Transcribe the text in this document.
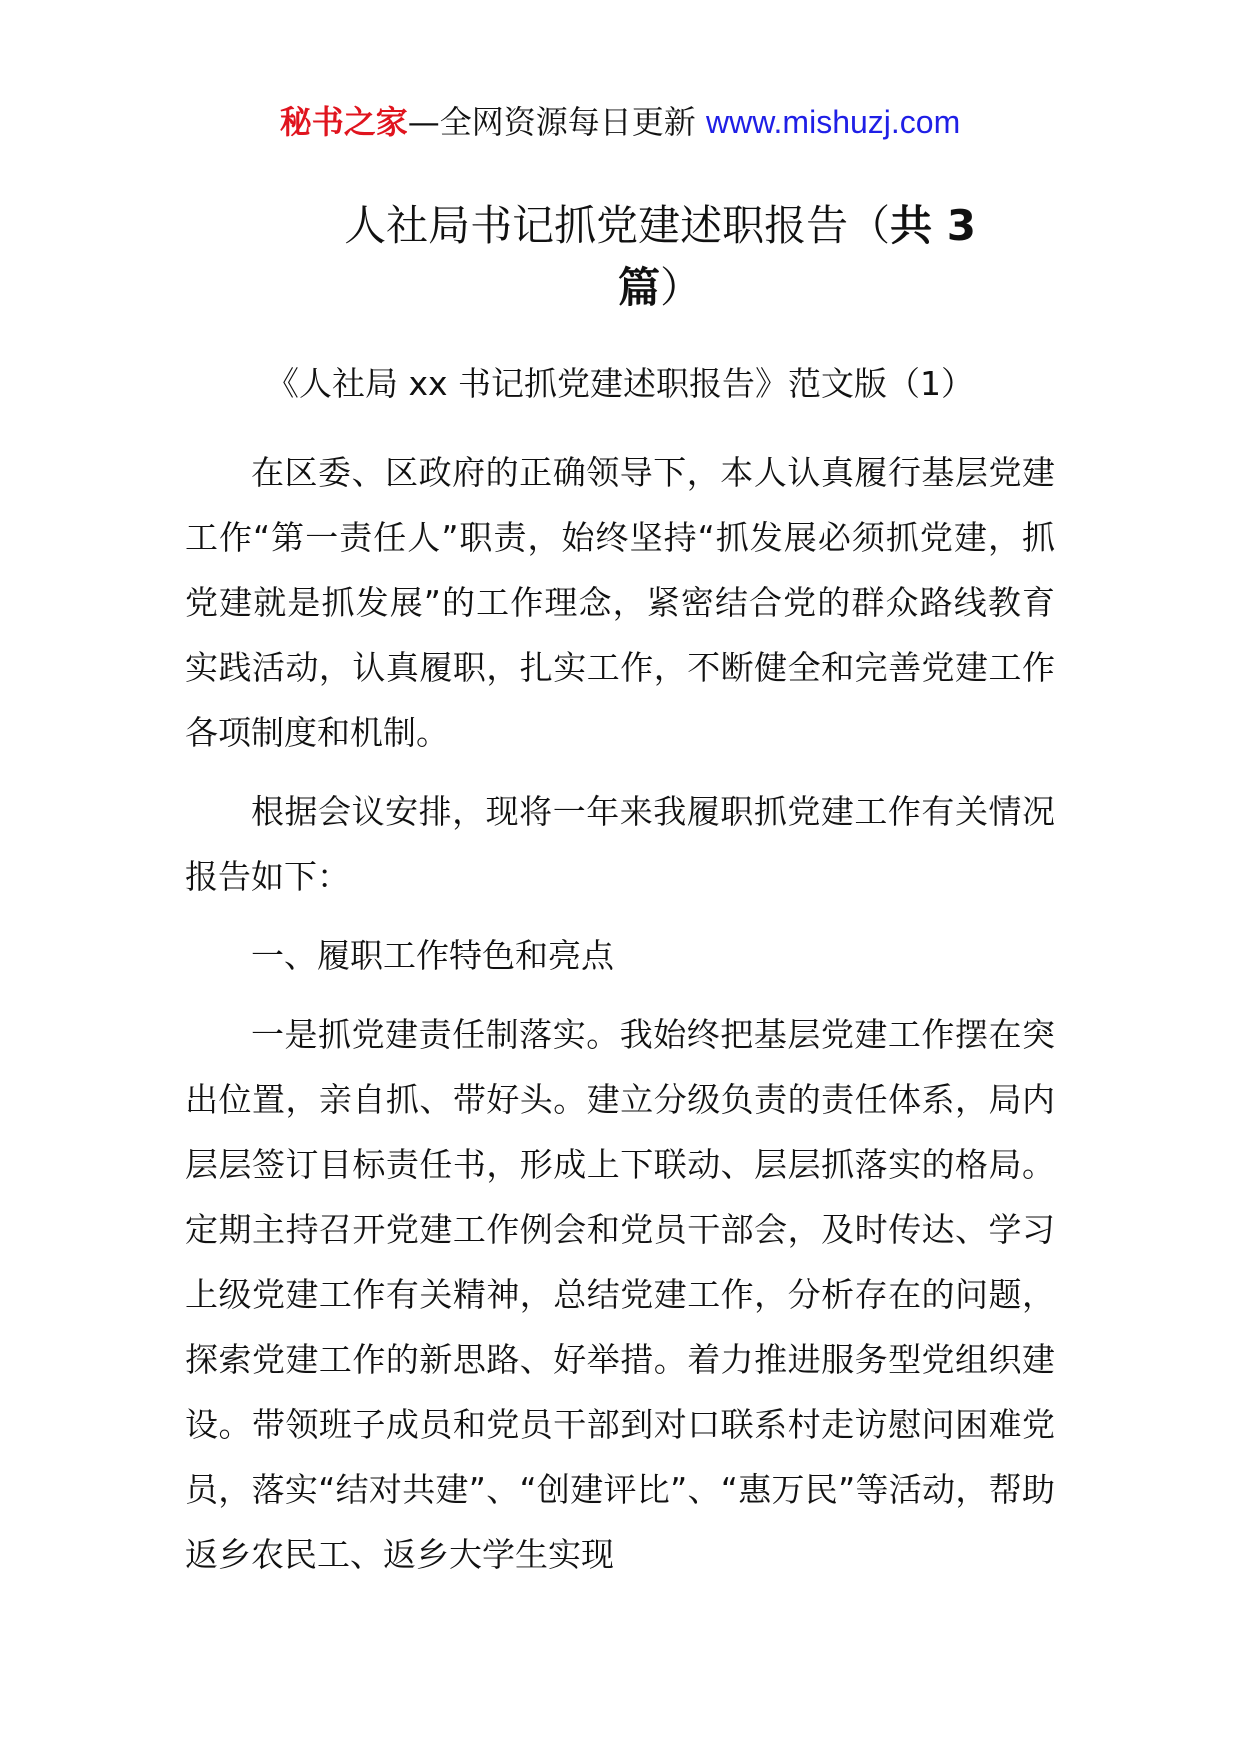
秘书之家—全网资源每日更新 www.mishuzj.com
人社局书记抓党建述职报告（共 3
篇）
《人社局 xx 书记抓党建述职报告》范文版（1）

在区委、区政府的正确领导下，本人认真履行基层党建工作“第一责任人”职责，始终坚持“抓发展必须抓党建，抓党建就是抓发展”的工作理念，紧密结合党的群众路线教育实践活动，认真履职，扎实工作，不断健全和完善党建工作各项制度和机制。

根据会议安排，现将一年来我履职抓党建工作有关情况报告如下：

一、履职工作特色和亮点

一是抓党建责任制落实。我始终把基层党建工作摆在突出位置，亲自抓、带好头。建立分级负责的责任体系，局内层层签订目标责任书，形成上下联动、层层抓落实的格局。定期主持召开党建工作例会和党员干部会，及时传达、学习上级党建工作有关精神，总结党建工作，分析存在的问题，探索党建工作的新思路、好举措。着力推进服务型党组织建设。带领班子成员和党员干部到对口联系村走访慰问困难党员，落实“结对共建”、“创建评比”、“惠万民”等活动，帮助返乡农民工、返乡大学生实现
